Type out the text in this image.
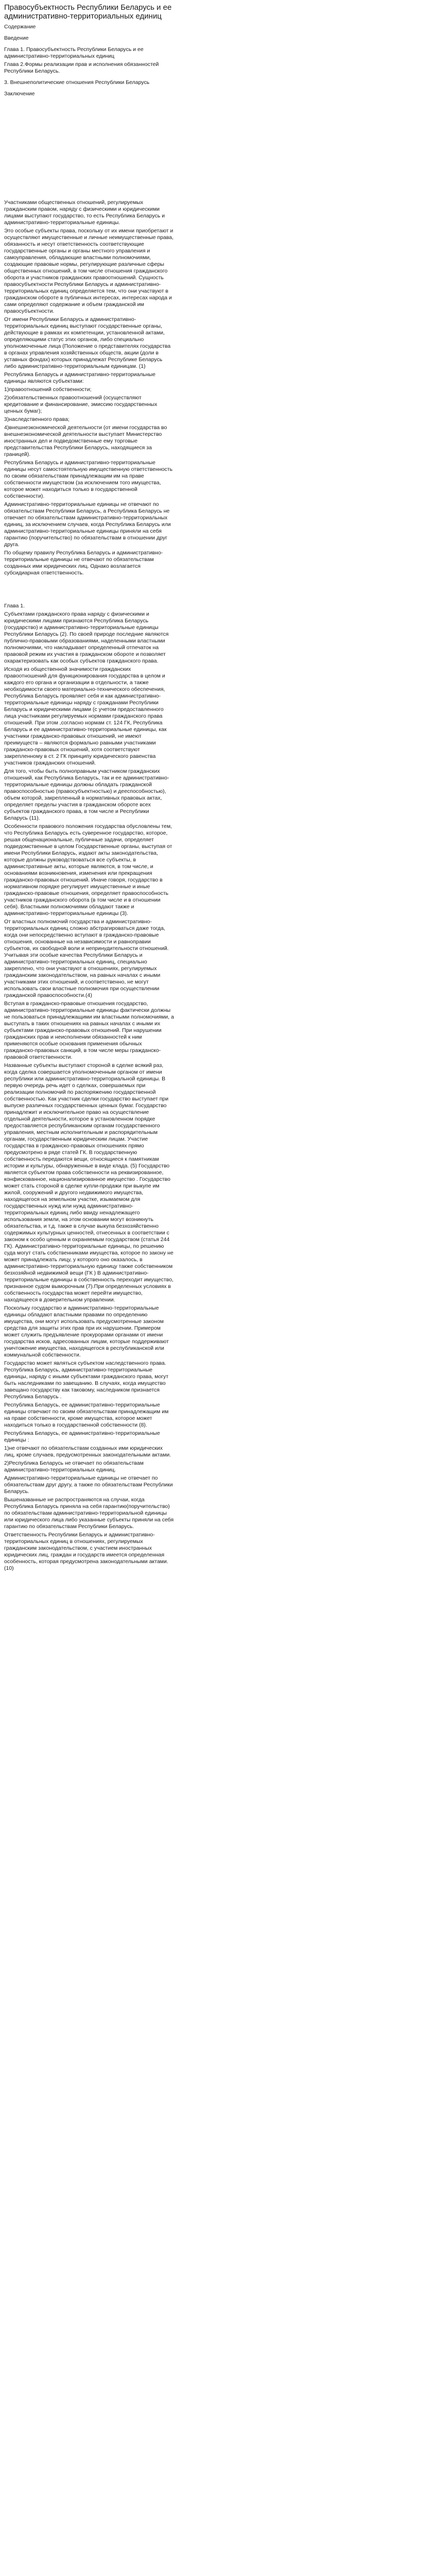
Правосубъектность Республики Беларусь и ее административно-территориальных единиц
Содержание
Введение
Глава 1. Правосубъектность Республики Беларусь и ее административно-территориальных единиц
Глава 2.Формы реализации прав и исполнения обязанностей Республики Беларусь.
3. Внешнеполитические отношения Республики Беларусь
Заключение

Участниками общественных отношений, регулируемых гражданским правом, наряду с физическими и юридическими лицами выступают государство, то есть Республика Беларусь и административно-территориальные единицы.

Это особые субъекты права, поскольку от их имени приобретают и осуществляют имущественные и личные неимущественные права, обязанность и несут ответственность соответствующие государственные органы и органы местного управления и самоуправления, обладающие властными полномочиями, создающие правовые нормы, регулирующие различные сферы общественных отношений, в том числе отношения гражданского оборота и участников гражданских правоотношений. Сущность правосубъектности Республики Беларусь и административно-территориальных единиц определяется тем, что они участвуют в гражданском обороте в публичных интересах, интересах народа и сами определяют содержание и объем гражданской им правосубъектности.

От имени Республики Беларусь и административно-территориальных единиц выступают государственные органы, действующие в рамках их компетенции, установленной актами, определяющими статус этих органов, либо специально уполномоченные лица (Положение о представителях государства в органах управления хозяйственных обществ, акции (доли в уставных фондах) которых принадлежат Республике Беларусь либо административно-территориальным единицам. (1)

Республика Беларусь и административно-территориальные единицы являются субъектами:

1)правоотношений собственности;

2)обязательственных правоотношений (осуществляют кредитование и финансирование, эмиссию государственных ценных бумаг);

3)наследственного права;

4)внешнеэкономической деятельности (от имени государства во внешнеэкономической деятельности выступает Министерство иностранных дел и подведомственные ему торговые представительства Республики Беларусь, находящиеся за границей).

Республика Беларусь и административно-территориальные единицы несут самостоятельную имущественную ответственность по своим обязательствам принадлежащим им на праве собственности имуществом (за исключением того имущества, которое может находиться только в государственной собственности).

Административно-территориальные единицы не отвечают по обязательствам Республики Беларусь, а Республика Беларусь не отвечает по обязательствам административно-территориальных единиц, за исключением случаев, когда Республика Беларусь или административно-территориальные единицы приняли на себя гарантию (поручительство) по обязательствам в отношении друг друга.

По общему правилу Республика Беларусь и административно-территориальные единицы не отвечают по обязательствам созданных ими юридических лиц. Однако возлагается субсидиарная ответственность.

Глава 1.

Субъектами гражданского права наряду с физическими и юридическими лицами признаются Республика Беларусь (государство) и административно-территориальные единицы Республики Беларусь (2). По своей природе последние являются публично-правовыми образованиями, наделенными властными полномочиями, что накладывает определенный отпечаток на правовой режим их участия в гражданском обороте и позволяет охарактеризовать как особых субъектов гражданского права.

Исходя из общественной значимости гражданских правоотношений для функционирования государства в целом и каждого его органа и организации в отдельности, а также необходимости своего материально-технического обеспечения, Республика Беларусь проявляет себя и как административно-территориальные единицы наряду с гражданами Республики Беларусь и юридическими лицами (с учетом предоставленного лица участниками регулируемых нормами гражданского права отношений. При этом ,согласно нормам ст. 124 ГК, Республика Беларусь и ее административно-территориальные единицы, как участники гражданско-правовых отношений, не имеют преимуществ – являются формально равными участниками гражданско-правовых отношений, хотя соответствуют закрепленному в ст. 2 ГК принципу юридического равенства участников гражданских отношений.

Для того, чтобы быть полноправным участником гражданских отношений, как Республика Беларусь, так и ее административно-территориальные единицы должны обладать гражданской правоспособностью (правосубъектностью) и дееспособностью), объем которой, закрепленный в нормативных правовых актах, определяет пределы участия в гражданском обороте всех субъектов гражданского права, в том числе и Республики Беларусь (11).

Особенности правового положения государства обусловлены тем, что Республика Беларусь есть суверенное государство, которое, решая общенациональные, публичные задачи, определяет подведомственные в целом Государственные органы, выступая от имени Республики Беларусь, издают акты законодательства, которые должны руководствоваться все субъекты, в административные акты, которые являются, в том числе, и основаниями возникновения, изменения или прекращения гражданско-правовых отношений. Иначе говоря, государство в нормативном порядке регулирует имущественные и иные гражданско-правовые отношения, определяет правоспособность участников гражданского оборота (в том числе и в отношении себя). Властными полномочиями обладают также и административно-территориальные единицы (3).

От властных полномочий государства и административно-территориальных единиц сложно абстрагироваться даже тогда, когда они непосредственно вступают в гражданско-правовые отношения, основанные на независимости и равноправии субъектов, их свободной воли и непринудительности отношений. Учитывая эти особые качества Республики Беларусь и административно-территориальных единиц, специально закреплено, что они участвуют в отношениях, регулируемых гражданским законодательством, на равных началах с иными участниками этих отношений, и соответственно, не могут использовать свои властные полномочия при осуществлении гражданской правоспособности.(4)

Вступая в гражданско-правовые отношения государство, административно-территориальные единицы фактически должны не пользоваться принадлежащими им властными полномочиями, а выступать в таких отношениях на равных началах с иными их субъектами гражданско-правовых отношений. При нарушении гражданских прав и неисполнении обязанностей к ним применяются особые основания применения обычных гражданско-правовых санкций, в том числе меры гражданско-правовой ответственности.

Названные субъекты выступают стороной в сделке всякий раз, когда сделка совершается уполномоченным органом от имени республики или административно-территориальной единицы. В первую очередь речь идет о сделках, совершаемых при реализации полномочий по распоряжению государственной собственностью. Как участник сделки государство выступает при выпуске различных государственных ценных бумаг. Государство принадлежит и исключительное право на осуществление отдельной деятельности, которое в установленном порядке предоставляется республиканским органам государственного управления, местным исполнительным и распорядительным органам, государственным юридическим лицам. Участие государства в гражданско-правовых отношениях прямо предусмотрено в ряде статей ГК. В государственную собственность передаются вещи, относящиеся к памятникам истории и культуры, обнаруженные в виде клада. (5) Государство является субъектом права собственности на реквизированное, конфискованное, национализированное имущество . Государство может стать стороной в сделке купли-продажи при выкупе им жилой, сооружений и другого недвижимого имущества, находящегося на земельном участке, изымаемом для государственных нужд или нужд административно-территориальных единиц либо ввиду ненадлежащего использования земли, на этом основании могут возникнуть обязательства, и т.д. также в случае выкупа безхозяйственно содержимых культурных ценностей, отнесенных в соответствии с законом к особо ценным и охраняемым государством (статья 244 ГК). Административно-территориальные единицы, по решению суда могут стать собственниками имущества, которое по закону не может принадлежать лицу, у которого оно оказалось, в административно-территориальную единицу также собственником безхозяйной недвижимой вещи (ГК ) В административно-территориальные единицы в собственность переходит имущество, признанное судом выморочным (7).При определенных условиях в собственность государства может перейти имущество, находящееся в доверительном управлении.

Поскольку государство и административно-территориальные единицы обладают властными правами по определению имущества, они могут использовать предусмотренные законом средства для защиты этих прав при их нарушении. Примером может служить предъявление прокурорами органами от имени государства исков, адресованных лицам, которые поддерживают уничтожение имущества, находящегося в республиканской или коммунальной собственности.

Государство может являться субъектом наследственного права. Республика Беларусь, административно-территориальные единицы, наряду с иными субъектами гражданского права, могут быть наследниками по завещанию. В случаях, когда имущество завещано государству как таковому, наследником признается Республика Беларусь .

Республика Беларусь, ее административно-территориальные единицы отвечают по своим обязательствам принадлежащим им на праве собственности, кроме имущества, которое может находиться только в государственной собственности (8).

Республика Беларусь, ее административно-территориальные единицы :

1)не отвечают по обязательствам созданных ими юридических лиц, кроме случаев, предусмотренных законодательными актами.

2)Республика Беларусь не отвечает по обязательствам административно-территориальных единиц.

Административно-территориальные единицы не отвечает по обязательствам друг другу, а также по обязательствам Республики Беларусь.

Вышеназванные не распространяются на случаи, когда Республика Беларусь приняла на себя гарантию(поручительство) по обязательствам административно-территориальной единицы или юридического лица либо указанные субъекты приняли на себя гарантию по обязательствам Республики Беларусь.

Ответственность Республики Беларусь и административно-территориальных единиц в отношениях, регулируемых гражданским законодательством, с участием иностранных юридических лиц, граждан и государств имеется определенная особенность, которая предусмотрена законодательными актами.(10)
